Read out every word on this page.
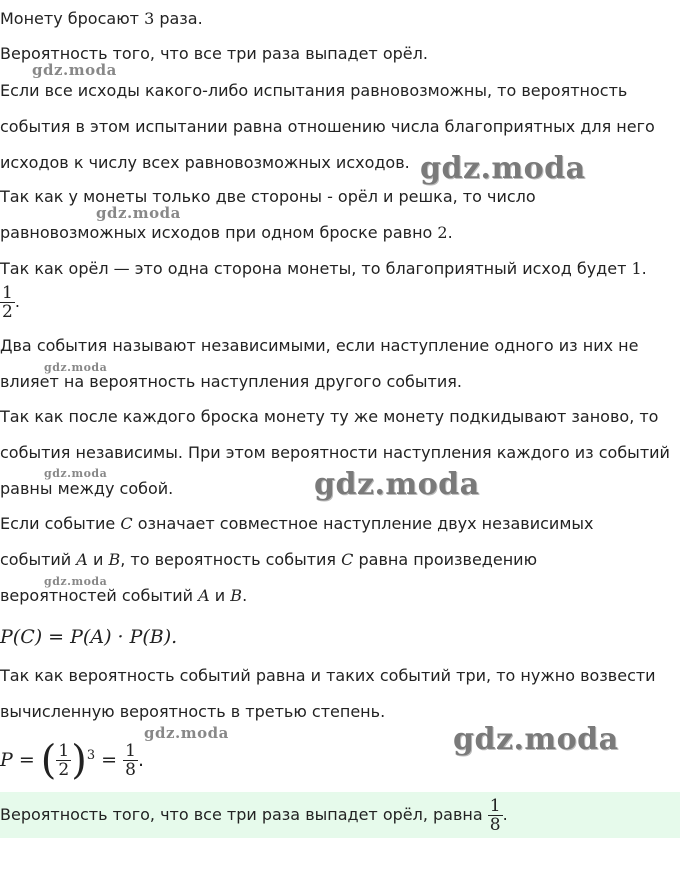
Монету бросают 3 раза.
Вероятность того, что все три раза выпадет орёл.
Если все исходы какого-либо испытания равновозможны, то вероятность
события в этом испытании равна отношению числа благоприятных для него
исходов к числу всех равновозможных исходов.
Так как у монеты только две стороны - орёл и решка, то число
равновозможных исходов при одном броске равно 2.
Так как орёл — это одна сторона монеты, то благоприятный исход будет 1.
$\frac{1}{2}$ .
Два события называют независимыми, если наступление одного из них не
влияет на вероятность наступления другого события.
Так как после каждого броска монету ту же монету подкидывают заново, то
события независимы. При этом вероятности наступления каждого из событий
равны между собой.
Если событие C означает совместное наступление двух независимых
событий A и B, то вероятность события C равна произведению
вероятностей событий A и B.
P(C) = P(A) · P(B).
Так как вероятность событий равна и таких событий три, то нужно возвести
вычисленную вероятность в третью степень.
P = ( $\frac{1}{2} )^3 = \frac{1}{8}$ .
Вероятность того, что все три раза выпадет орёл, равна $\frac{1}{8}$ .
gdz.moda
gdz.moda
gdz.moda
gdz.moda
gdz.moda	gdz.moda
gdz.moda
gdz.moda	gdz.moda
